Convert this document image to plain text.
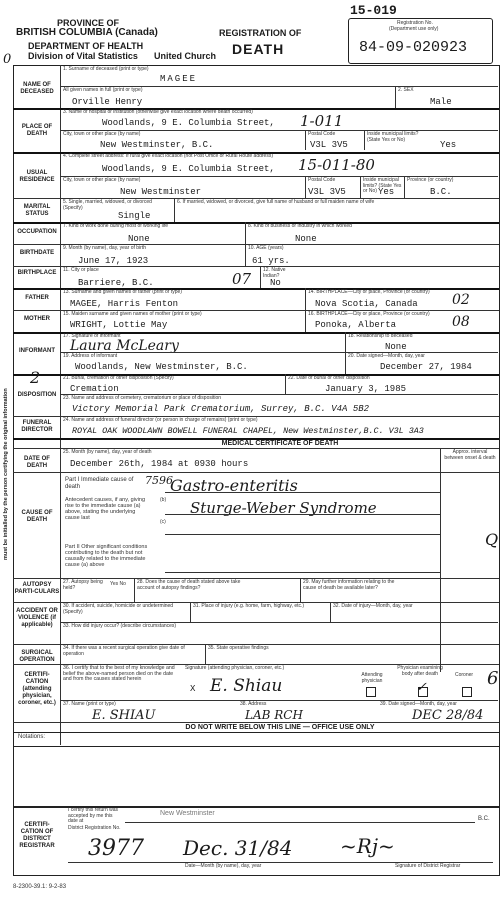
PROVINCE OF
BRITISH COLUMBIA (Canada)
DEPARTMENT OF HEALTH
Division of Vital Statistics United Church
REGISTRATION OF
DEATH
15-019
Registration No.
(Department use only)
84-09-020923
0
must be initialled by the person certifying the original information
NAME OF DECEASED
1. Surname of deceased (print or type)
MAGEE
All given names in full (print or type)
Orville Henry
2. SEX
Male
PLACE OF DEATH
3. Name of hospital or institution (otherwise give exact location where death occurred)
Woodlands, 9 E. Columbia Street, 1-011
City, town or other place (by name)
New Westminster, B.C.
Postal Code
V3L 3V5
Inside municipal limits? (State Yes or No)
Yes
USUAL RESIDENCE
4. Complete street address: If rural give exact location (not Post Office or Rural Route address)
Woodlands, 9 E. Columbia Street, 15-011-80
City, town or other place (by name)
New Westminster
Postal Code
V3L 3V5
Inside municipal limits? (State Yes or No) Yes
Province (or country)
B.C.
MARITAL STATUS
5. Single, married, widowed, or divorced (Specify)
Single
6. If married, widowed, or divorced, give full name of husband or full maiden name of wife
OCCUPATION
7. Kind of work done during most of working life
None
8. Kind of business or industry in which worked
None
BIRTHDATE
9. Month (by name), day, year of birth
June 17, 1923
10. AGE (years)
61 yrs.
BIRTHPLACE	11. City or place
Barriere, B.C.	07 12. Native Indian?
No
FATHER
13. Surname and given names of father (print or type)
MAGEE, Harris Fenton
14. BIRTHPLACE—City or place, Province (or country)
Nova Scotia, Canada 02
MOTHER
15. Maiden surname and given names of mother (print or type)
WRIGHT, Lottie May
16. BIRTHPLACE—City or place, Province (or country)
Ponoka, Alberta	08
INFORMANT
17. Signature of informant
Laura McLeary
18. Relationship to deceased
None
19. Address of informant
Woodlands, New Westminster, B.C.
20. Date signed—Month, day, year
December 27, 1984
2
DISPOSITION
21. Burial, cremation or other disposition (Specify)
Cremation
22. Date of burial or other disposition
January 3, 1985
23. Name and address of cemetery, crematorium or place of disposition
Victory Memorial Park Crematorium, Surrey, B.C. V4A 5B2
FUNERAL DIRECTOR
24. Name and address of funeral director (or person in charge of remains) (print or type)
ROYAL OAK WOODLAWN BOWELL FUNERAL CHAPEL, New Westminster,B.C. V3L 3A3
MEDICAL CERTIFICATE OF DEATH
DATE OF DEATH
25. Month (by name), day, year of death
December 26th, 1984 at 0930 hours
Approx. interval between onset & death
CAUSE OF DEATH
Part I Immediate cause of death	7596
Gastro-enteritis
Antecedent causes, if any, giving rise to the immediate cause (a) above, stating the underlying cause last
(b) Sturge-Weber Syndrome
(c)
Part II Other significant conditions contributing to the death but not causally related to the immediate cause (a) above
Q
AUTOPSY PARTI-CULARS
27. Autopsy being held?
Yes No 28. Does the cause of death stated above take account of autopsy findings?
29. May further information relating to the cause of death be available later?
ACCIDENT OR VIOLENCE (if applicable)
30. If accident, suicide, homicide or undetermined (Specify)
31. Place of injury (e.g. home, farm, highway, etc.)	32. Date of injury—Month, day, year
33. How did injury occur? (describe circumstances)
SURGICAL OPERATION
34. If there was a recent surgical operation give date of operation
35. State operative findings
CERTIFI-CATION (attending physician, coroner, etc.)
36. I certify that to the best of my knowledge and belief the above-named person died on the date and from the causes stated herein
Signature (attending physician, coroner, etc.)
X E. Shiau
Attending physician
Physician examining body after death	Coroner
✓	6
37. Name (print or type)	38. Address	39. Date signed—Month, day, year
E. SHIAU	LAB RCH	DEC 28/84
DO NOT WRITE BELOW THIS LINE — OFFICE USE ONLY
Notations:
CERTIFI-CATION OF DISTRICT REGISTRAR
I certify this return was accepted by me this date at
New Westminster
B.C.
District Registration No.
3977 Dec. 31/84 ~Rj~
Date—Month (by name), day, year	Signature of District Registrar
8-2300-39.1: 9-2-83
